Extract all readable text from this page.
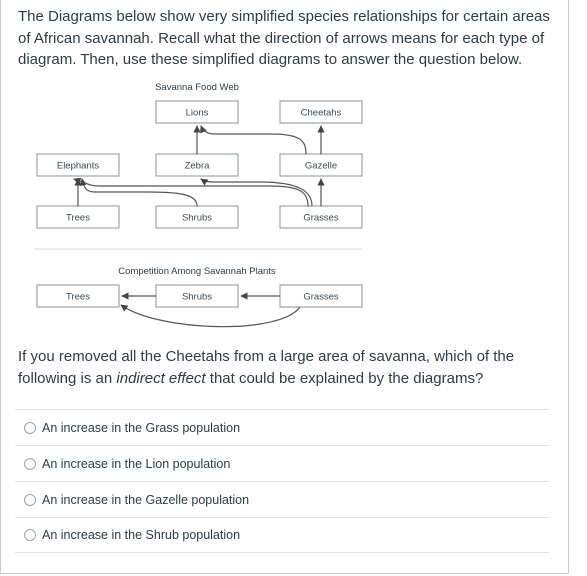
The Diagrams below show very simplified species relationships for certain areas of African savannah. Recall what the direction of arrows means for each type of diagram. Then, use these simplified diagrams to answer the question below.

Savanna Food Web
Lions	Cheetahs
Elephants	Zebra	Gazelle
Trees	Shrubs	Grasses
Competition Among Savannah Plants
Trees	Shrubs	Grasses

If you removed all the Cheetahs from a large area of savanna, which of the following is an indirect effect that could be explained by the diagrams?

An increase in the Grass population
An increase in the Lion population
An increase in the Gazelle population
An increase in the Shrub population
